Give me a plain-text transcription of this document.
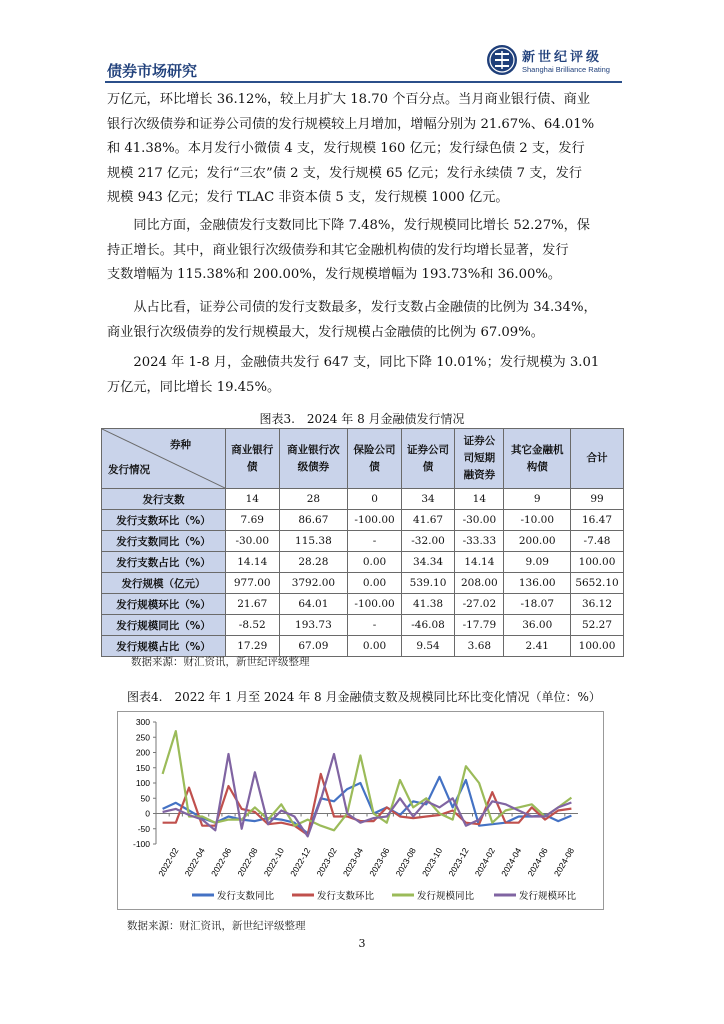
债券市场研究
新世纪评级
Shanghai Brilliance Rating

万亿元，环比增长 36.12%，较上月扩大 18.70 个百分点。当月商业银行债、商业

银行次级债券和证券公司债的发行规模较上月增加，增幅分别为 21.67%、64.01%

和 41.38%。本月发行小微债 4 支，发行规模 160 亿元；发行绿色债 2 支，发行

规模 217 亿元；发行“三农”债 2 支，发行规模 65 亿元；发行永续债 7 支，发行

规模 943 亿元；发行 TLAC 非资本债 5 支，发行规模 1000 亿元。

　　同比方面，金融债发行支数同比下降 7.48%，发行规模同比增长 52.27%，保

持正增长。其中，商业银行次级债券和其它金融机构债的发行均增长显著，发行

支数增幅为 115.38%和 200.00%，发行规模增幅为 193.73%和 36.00%。

　　从占比看，证券公司债的发行支数最多，发行支数占金融债的比例为 34.34%，

商业银行次级债券的发行规模最大，发行规模占金融债的比例为 67.09%。

　　2024 年 1-8 月，金融债共发行 647 支，同比下降 10.01%；发行规模为 3.01

万亿元，同比增长 19.45%。

图表3.　2024 年 8 月金融债发行情况
券种
发行情况	商业银行债	商业银行次级债券	保险公司债	证券公司债	证券公司短期融资券	其它金融机构债	合计
发行支数	14	28	0	34	14	9	99
发行支数环比（%）	7.69	86.67	-100.00	41.67	-30.00	-10.00	16.47
发行支数同比（%）	-30.00	115.38	-	-32.00	-33.33	200.00	-7.48
发行支数占比（%）	14.14	28.28	0.00	34.34	14.14	9.09	100.00
发行规模（亿元）	977.00	3792.00	0.00	539.10	208.00	136.00	5652.10
发行规模环比（%）	21.67	64.01	-100.00	41.38	-27.02	-18.07	36.12
发行规模同比（%）	-8.52	193.73	-	-46.08	-17.79	36.00	52.27
发行规模占比（%）	17.29	67.09	0.00	9.54	3.68	2.41	100.00
数据来源：财汇资讯，新世纪评级整理
图表4.　2022 年 1 月至 2024 年 8 月金融债支数及规模同比环比变化情况（单位：%）
300
250
200
150
100
50
0
-50
-100
2022-02 2022-04 2022-06 2022-08 2022-10 2022-12 2023-02 2023-04 2023-06 2023-08 2023-10 2023-12 2024-02 2024-04 2024-06 2024-08
发行支数同比	发行支数环比	发行规模同比	发行规模环比
数据来源：财汇资讯，新世纪评级整理
3
